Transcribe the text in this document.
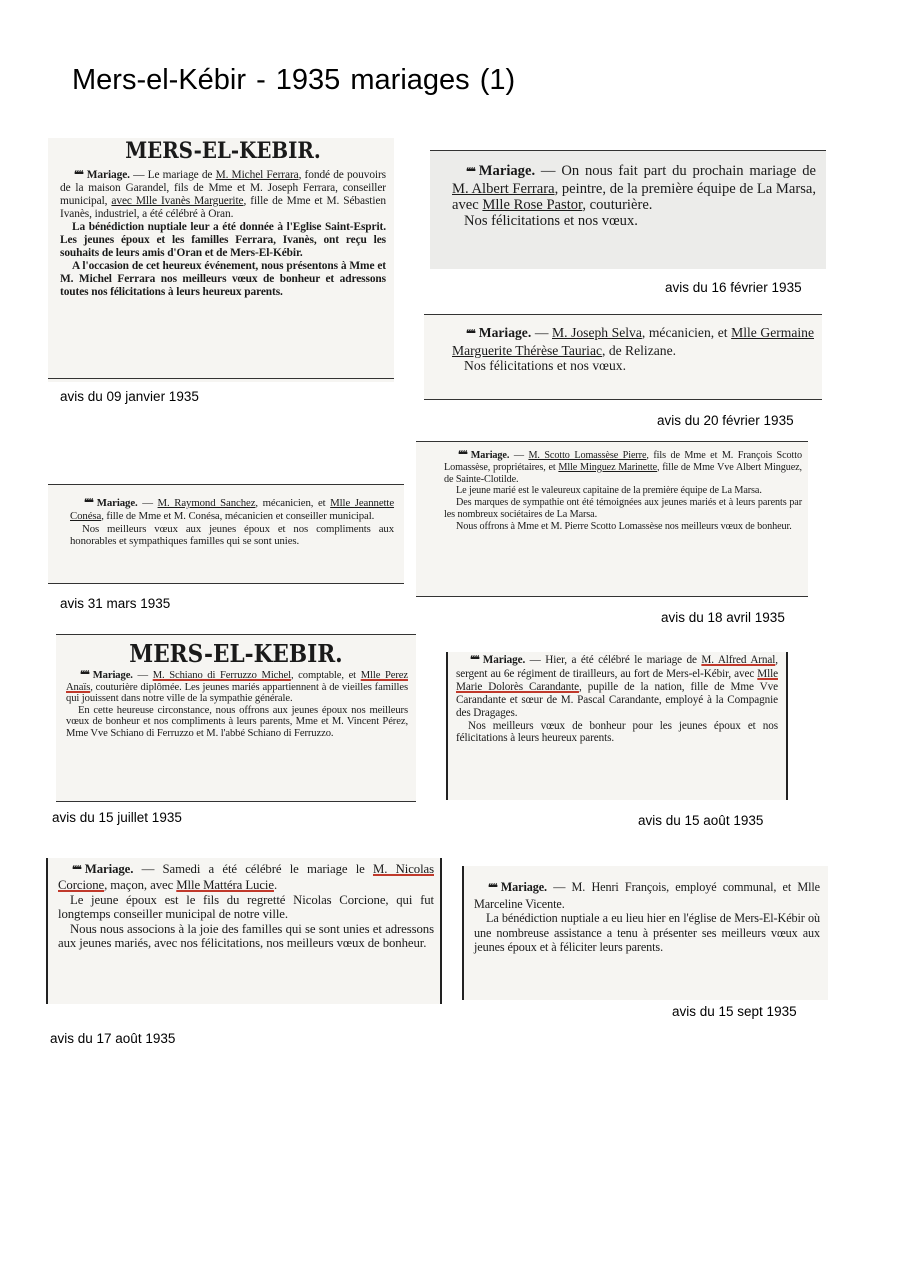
Mers-el-Kébir - 1935 mariages (1)
MERS-EL-KEBIR.

❝❝ Mariage. — Le mariage de M. Michel Ferrara, fondé de pouvoirs de la maison Garandel, fils de Mme et M. Joseph Ferrara, conseiller municipal, avec Mlle Ivanès Marguerite, fille de Mme et M. Sébastien Ivanès, industriel, a été célébré à Oran.

La bénédiction nuptiale leur a été donnée à l'Eglise Saint-Esprit. Les jeunes époux et les familles Ferrara, Ivanès, ont reçu les souhaits de leurs amis d'Oran et de Mers-El-Kébir.

A l'occasion de cet heureux événement, nous présentons à Mme et M. Michel Ferrara nos meilleurs vœux de bonheur et adressons toutes nos félicitations à leurs heureux parents.

avis du 09 janvier 1935

❝❝ Mariage. — On nous fait part du prochain mariage de M. Albert Ferrara, peintre, de la première équipe de La Marsa, avec Mlle Rose Pastor, couturière.

Nos félicitations et nos vœux.

avis du 16 février 1935

❝❝ Mariage. — M. Joseph Selva, mécanicien, et Mlle Germaine Marguerite Thérèse Tauriac, de Relizane.

Nos félicitations et nos vœux.

avis du 20 février 1935

❝❝ Mariage. — M. Scotto Lomassèse Pierre, fils de Mme et M. François Scotto Lomassèse, propriétaires, et Mlle Minguez Marinette, fille de Mme Vve Albert Minguez, de Sainte-Clotilde.

Le jeune marié est le valeureux capitaine de la première équipe de La Marsa.

Des marques de sympathie ont été témoignées aux jeunes mariés et à leurs parents par les nombreux sociétaires de La Marsa.

Nous offrons à Mme et M. Pierre Scotto Lomassèse nos meilleurs vœux de bonheur.

avis du 18 avril 1935

❝❝ Mariage. — M. Raymond Sanchez, mécanicien, et Mlle Jeannette Conésa, fille de Mme et M. Conésa, mécanicien et conseiller municipal.

Nos meilleurs vœux aux jeunes époux et nos compliments aux honorables et sympathiques familles qui se sont unies.

avis 31 mars 1935
MERS-EL-KEBIR.

❝❝ Mariage. — M. Schiano di Ferruzzo Michel, comptable, et Mlle Perez Anaïs, couturière diplômée. Les jeunes mariés appartiennent à de vieilles familles qui jouissent dans notre ville de la sympathie générale.

En cette heureuse circonstance, nous offrons aux jeunes époux nos meilleurs vœux de bonheur et nos compliments à leurs parents, Mme et M. Vincent Pérez, Mme Vve Schiano di Ferruzzo et M. l'abbé Schiano di Ferruzzo.

avis du 15 juillet 1935

❝❝ Mariage. — Hier, a été célébré le mariage de M. Alfred Arnal, sergent au 6e régiment de tirailleurs, au fort de Mers-el-Kébir, avec Mlle Marie Dolorès Carandante, pupille de la nation, fille de Mme Vve Carandante et sœur de M. Pascal Carandante, employé à la Compagnie des Dragages.

Nos meilleurs vœux de bonheur pour les jeunes époux et nos félicitations à leurs heureux parents.

avis du 15 août 1935

❝❝ Mariage. — Samedi a été célébré le mariage le M. Nicolas Corcione, maçon, avec Mlle Mattéra Lucie.

Le jeune époux est le fils du regretté Nicolas Corcione, qui fut longtemps conseiller municipal de notre ville.

Nous nous associons à la joie des familles qui se sont unies et adressons aux jeunes mariés, avec nos félicitations, nos meilleurs vœux de bonheur.

avis du 17 août 1935

❝❝ Mariage. — M. Henri François, employé communal, et Mlle Marceline Vicente.

La bénédiction nuptiale a eu lieu hier en l'église de Mers-El-Kébir où une nombreuse assistance a tenu à présenter ses meilleurs vœux aux jeunes époux et à féliciter leurs parents.

avis du 15 sept 1935
